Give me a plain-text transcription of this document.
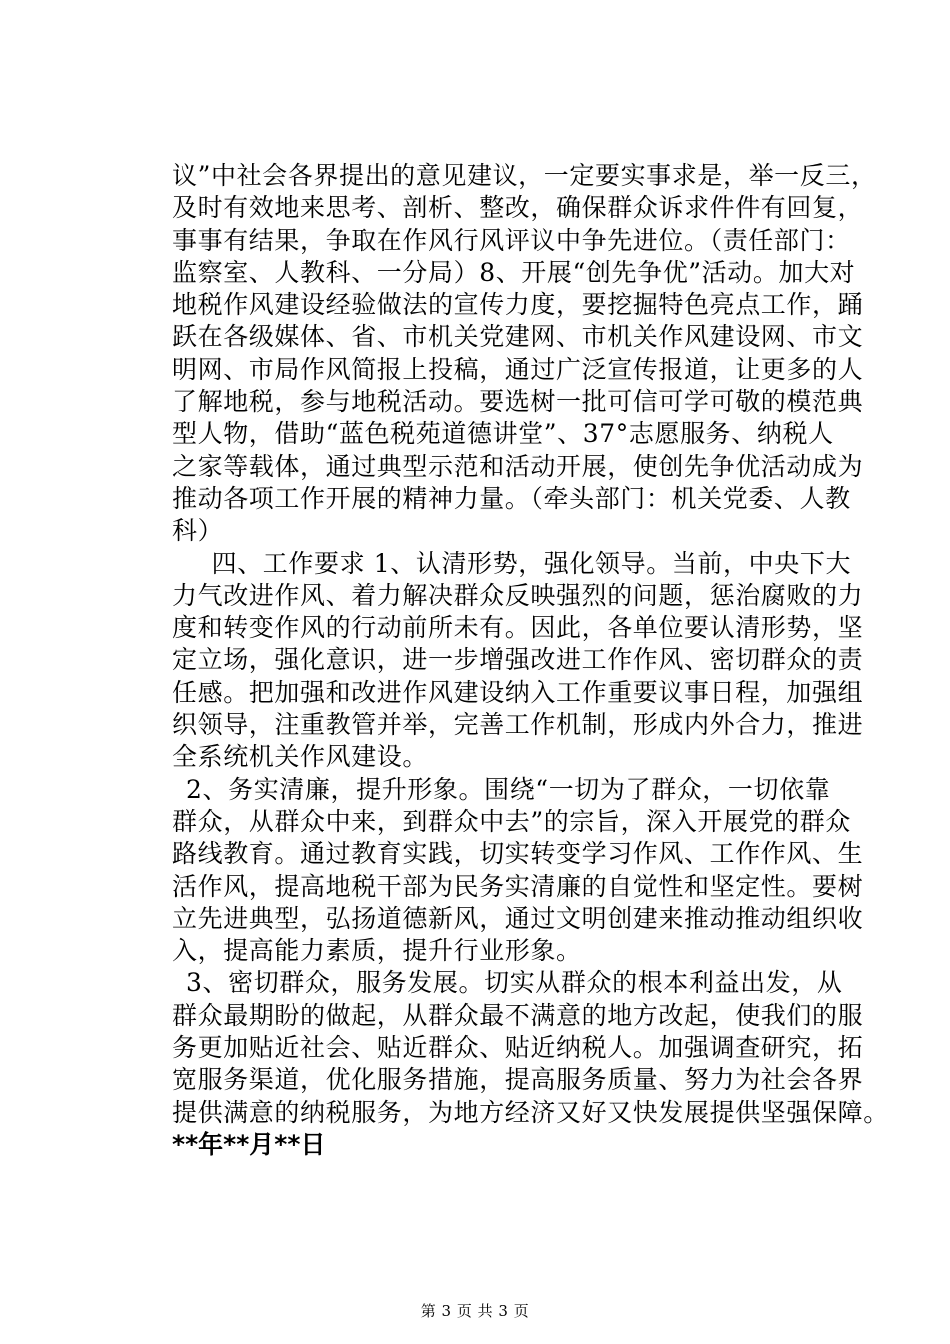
议”中社会各界提出的意见建议，一定要实事求是，举一反三，
及时有效地来思考、剖析、整改，确保群众诉求件件有回复，
事事有结果，争取在作风行风评议中争先进位。（责任部门：
监察室、人教科、一分局）8、开展“创先争优”活动。加大对
地税作风建设经验做法的宣传力度，要挖掘特色亮点工作，踊
跃在各级媒体、省、市机关党建网、市机关作风建设网、市文
明网、市局作风简报上投稿，通过广泛宣传报道，让更多的人
了解地税，参与地税活动。要选树一批可信可学可敬的模范典
型人物，借助“蓝色税苑道德讲堂”、37°志愿服务、纳税人
之家等载体，通过典型示范和活动开展，使创先争优活动成为
推动各项工作开展的精神力量。（牵头部门：机关党委、人教
科）
　四、工作要求 1、认清形势，强化领导。当前，中央下大
力气改进作风、着力解决群众反映强烈的问题，惩治腐败的力
度和转变作风的行动前所未有。因此，各单位要认清形势，坚
定立场，强化意识，进一步增强改进工作作风、密切群众的责
任感。把加强和改进作风建设纳入工作重要议事日程，加强组
织领导，注重教管并举，完善工作机制，形成内外合力，推进
全系统机关作风建设。
2、务实清廉，提升形象。围绕“一切为了群众，一切依靠
群众，从群众中来，到群众中去”的宗旨，深入开展党的群众
路线教育。通过教育实践，切实转变学习作风、工作作风、生
活作风，提高地税干部为民务实清廉的自觉性和坚定性。要树
立先进典型，弘扬道德新风，通过文明创建来推动推动组织收
入，提高能力素质，提升行业形象。
3、密切群众，服务发展。切实从群众的根本利益出发，从
群众最期盼的做起，从群众最不满意的地方改起，使我们的服
务更加贴近社会、贴近群众、贴近纳税人。加强调查研究，拓
宽服务渠道，优化服务措施，提高服务质量、努力为社会各界
提供满意的纳税服务，为地方经济又好又快发展提供坚强保障。
**年**月**日
第 3 页 共 3 页
